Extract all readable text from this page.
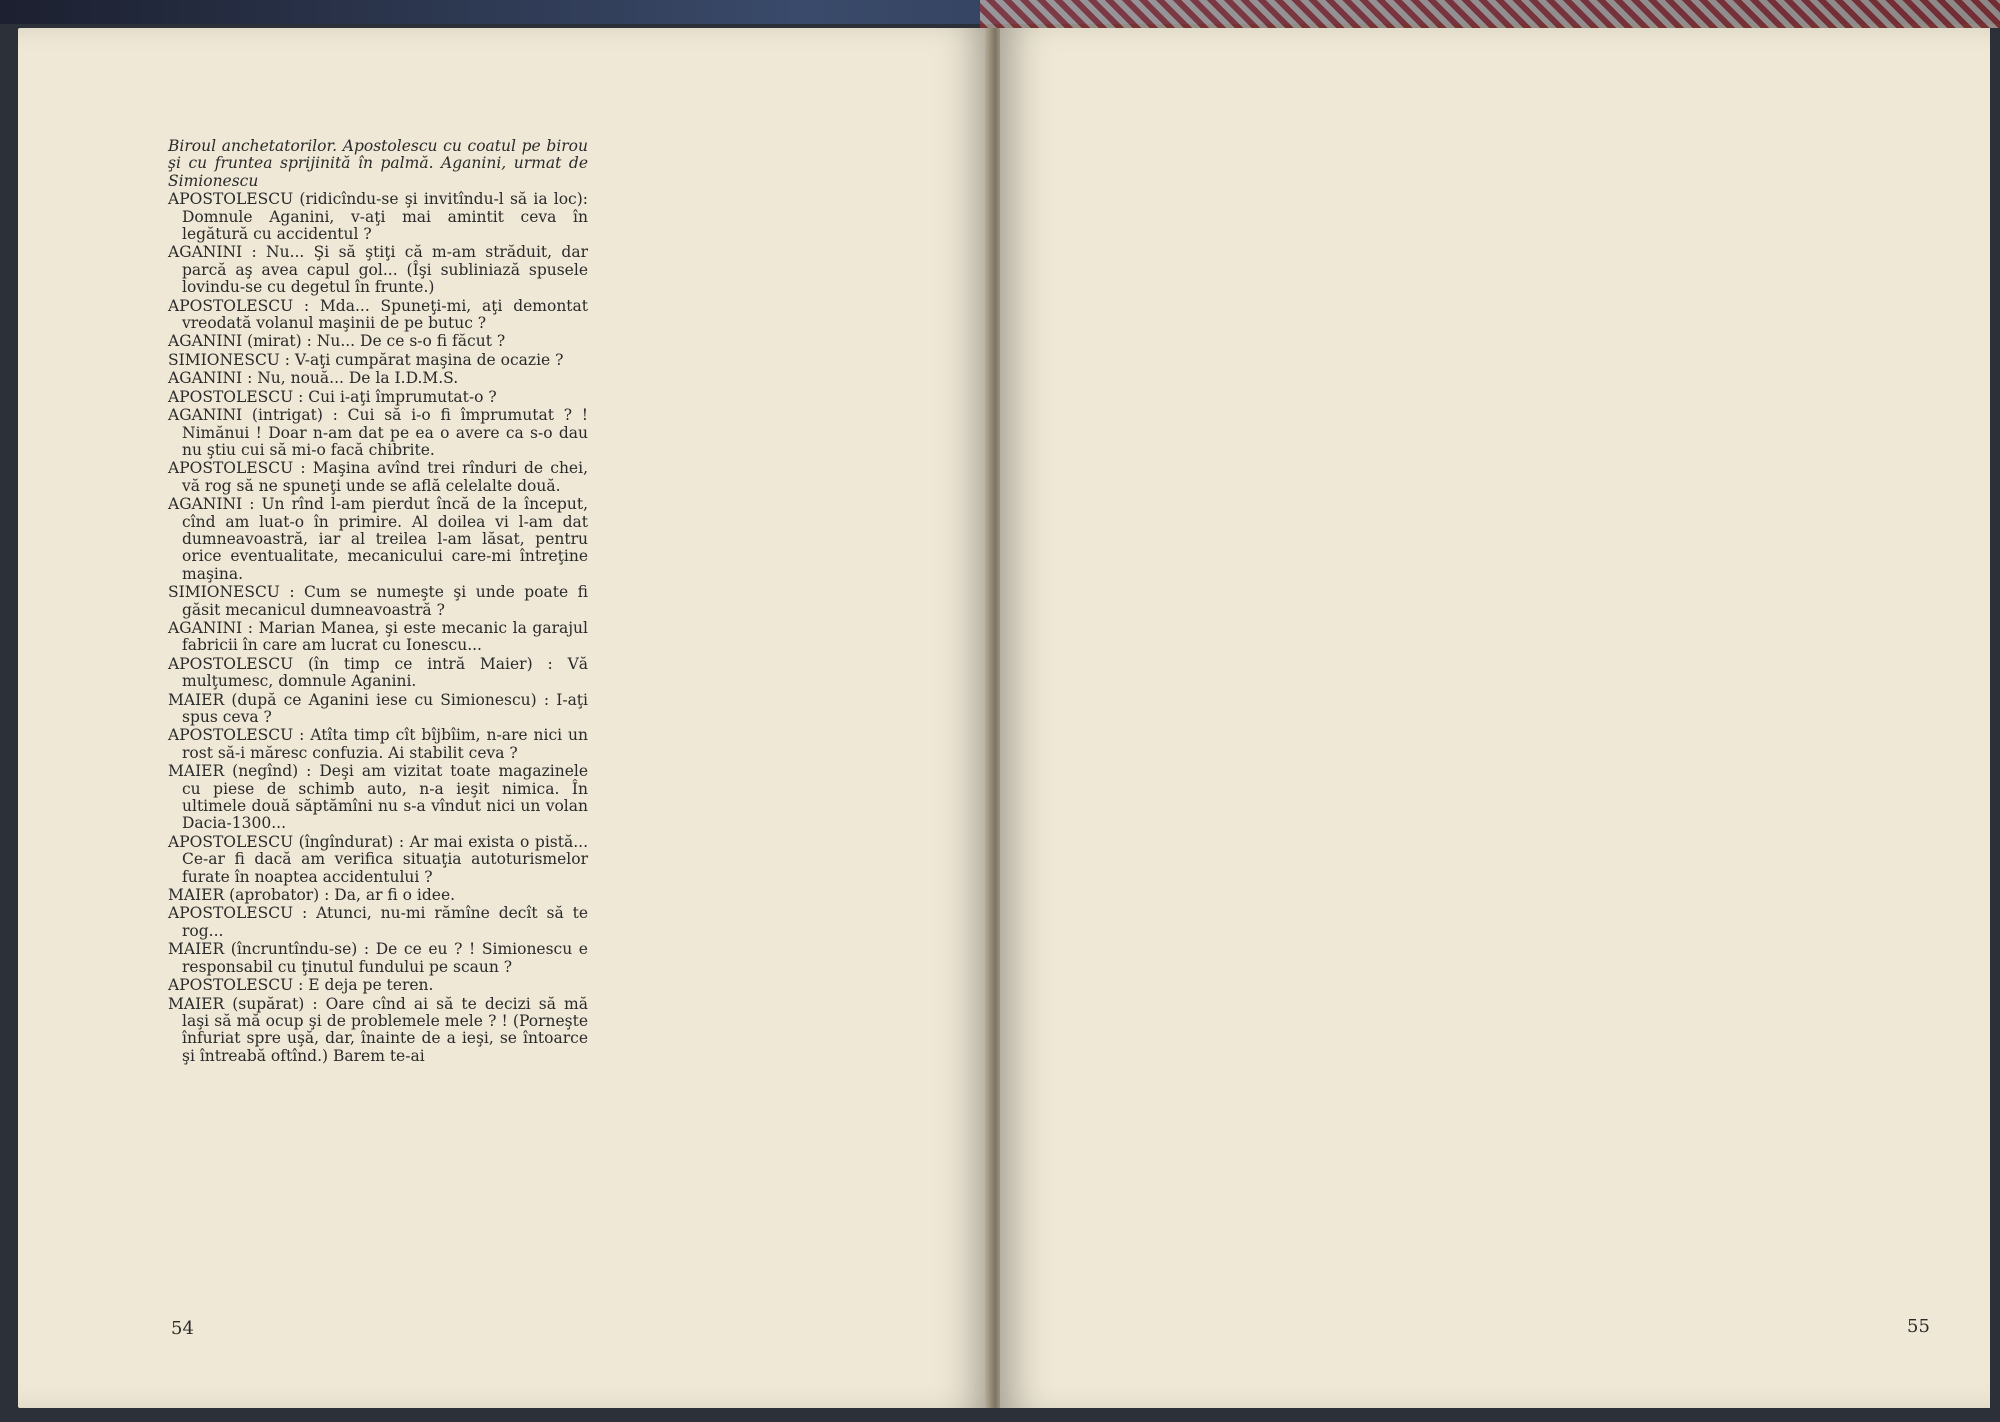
Biroul anchetatorilor. Apostolescu cu coatul pe birou şi cu fruntea sprijinită în palmă. Aganini, urmat de Simionescu

APOSTOLESCU (ridicîndu-se şi invitîndu-l să ia loc): Domnule Aganini, v-aţi mai amintit ceva în legătură cu accidentul ?

AGANINI : Nu... Şi să ştiţi că m-am străduit, dar parcă aş avea capul gol... (Îşi subliniază spusele lovindu-se cu degetul în frunte.)

APOSTOLESCU : Mda... Spuneţi-mi, aţi demontat vreodată volanul maşinii de pe butuc ?

AGANINI (mirat) : Nu... De ce s-o fi făcut ?

SIMIONESCU : V-aţi cumpărat maşina de ocazie ?

AGANINI : Nu, nouă... De la I.D.M.S.

APOSTOLESCU : Cui i-aţi împrumutat-o ?

AGANINI (intrigat) : Cui să i-o fi împrumutat ? ! Nimănui ! Doar n-am dat pe ea o avere ca s-o dau nu ştiu cui să mi-o facă chibrite.

APOSTOLESCU : Maşina avînd trei rînduri de chei, vă rog să ne spuneţi unde se află celelalte două.

AGANINI : Un rînd l-am pierdut încă de la început, cînd am luat-o în primire. Al doilea vi l-am dat dumneavoastră, iar al treilea l-am lăsat, pentru orice eventualitate, mecanicului care-mi întreţine maşina.

SIMIONESCU : Cum se numeşte şi unde poate fi găsit mecanicul dumneavoastră ?

AGANINI : Marian Manea, şi este mecanic la garajul fabricii în care am lucrat cu Ionescu...

APOSTOLESCU (în timp ce intră Maier) : Vă mulţumesc, domnule Aganini.

MAIER (după ce Aganini iese cu Simionescu) : I-aţi spus ceva ?

APOSTOLESCU : Atîta timp cît bîjbîim, n-are nici un rost să-i măresc confuzia. Ai stabilit ceva ?

MAIER (negînd) : Deşi am vizitat toate magazinele cu piese de schimb auto, n-a ieşit nimica. În ultimele două săptămîni nu s-a vîndut nici un volan Dacia-1300...

APOSTOLESCU (îngîndurat) : Ar mai exista o pistă... Ce-ar fi dacă am verifica situaţia autoturismelor furate în noaptea accidentului ?

MAIER (aprobator) : Da, ar fi o idee.

APOSTOLESCU : Atunci, nu-mi rămîne decît să te rog...

MAIER (încruntîndu-se) : De ce eu ? ! Simionescu e responsabil cu ţinutul fundului pe scaun ?

APOSTOLESCU : E deja pe teren.

MAIER (supărat) : Oare cînd ai să te decizi să mă laşi să mă ocup şi de problemele mele ? ! (Porneşte înfuriat spre uşă, dar, înainte de a ieşi, se întoarce şi întreabă oftînd.) Barem te-ai

54	55
